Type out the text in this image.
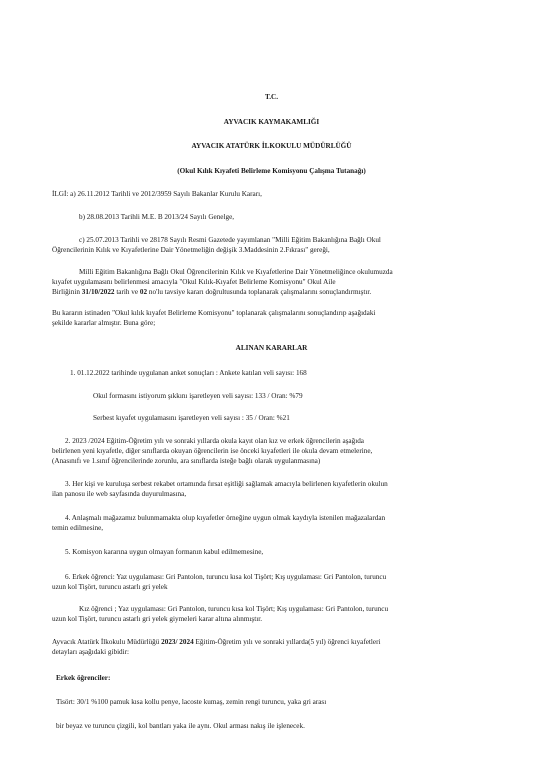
T.C.
AYVACIK KAYMAKAMLIĞI
AYVACIK ATATÜRK İLKOKULU MÜDÜRLÜĞÜ
(Okul Kılık Kıyafeti Belirleme Komisyonu Çalışma Tutanağı)
İLGİ: a) 26.11.2012 Tarihli ve 2012/3959 Sayılı Bakanlar Kurulu Kararı,
b) 28.08.2013 Tarihli M.E. B 2013/24 Sayılı Genelge,
c) 25.07.2013 Tarihli ve 28178 Sayılı Resmi Gazetede yayımlanan "Milli Eğitim Bakanlığına Bağlı Okul
Öğrencilerinin Kılık ve Kıyafetlerine Dair Yönetmeliğin değişik 3.Maddesinin 2.Fıkrası" gereği,
Milli Eğitim Bakanlığına Bağlı Okul Öğrencilerinin Kılık ve Kıyafetlerine Dair Yönetmeliğince okulumuzda
kıyafet uygulamasını belirlenmesi amacıyla "Okul Kılık-Kıyafet Belirleme Komisyonu" Okul Aile
Birliğinin 31/10/2022 tarih ve 02 no'lu tavsiye kararı doğrultusunda toplanarak çalışmalarını sonuçlandırmıştır.
Bu kararın istinaden "Okul kılık kıyafet Belirleme Komisyonu" toplanarak çalışmalarını sonuçlandırıp aşağıdaki
şekilde kararlar almıştır. Buna göre;
ALINAN KARARLAR
1. 01.12.2022 tarihinde uygulanan anket sonuçları : Ankete katılan veli sayısı: 168
Okul formasını istiyorum şıkkını işaretleyen veli sayısı: 133 / Oran: %79
Serbest kıyafet uygulamasını işaretleyen veli sayısı : 35 / Oran: %21
2. 2023 /2024 Eğitim-Öğretim yılı ve sonraki yıllarda okula kayıt olan kız ve erkek öğrencilerin aşağıda
belirlenen yeni kıyafetle, diğer sınıflarda okuyan öğrencilerin ise önceki kıyafetleri ile okula devam etmelerine,
(Anasınıfı ve 1.sınıf öğrencilerinde zorunlu, ara sınıflarda isteğe bağlı olarak uygulanmasına)
3. Her kişi ve kuruluşa serbest rekabet ortamında fırsat eşitliği sağlamak amacıyla belirlenen kıyafetlerin okulun
ilan panosu ile web sayfasında duyurulmasına,
4. Anlaşmalı mağazamız bulunmamakta olup kıyafetler örneğine uygun olmak kaydıyla istenilen mağazalardan
temin edilmesine,
5. Komisyon kararına uygun olmayan formanın kabul edilmemesine,
6. Erkek öğrenci: Yaz uygulaması: Gri Pantolon, turuncu kısa kol Tişört; Kış uygulaması: Gri Pantolon, turuncu
uzun kol Tişört, turuncu astarlı gri yelek
Kız öğrenci ; Yaz uygulaması: Gri Pantolon, turuncu kısa kol Tişört; Kış uygulaması: Gri Pantolon, turuncu
uzun kol Tişört, turuncu astarlı gri yelek giymeleri karar altına alınmıştır.
Ayvacık Atatürk İlkokulu Müdürlüğü 2023/ 2024 Eğitim-Öğretim yılı ve sonraki yıllarda(5 yıl) öğrenci kıyafetleri
detayları aşağıdaki gibidir:
Erkek öğrenciler:
Tisört: 30/1 %100 pamuk kısa kollu penye, lacoste kumaş, zemin rengi turuncu, yaka gri arası
bir beyaz ve turuncu çizgili, kol bantları yaka ile aynı. Okul arması nakış ile işlenecek.
